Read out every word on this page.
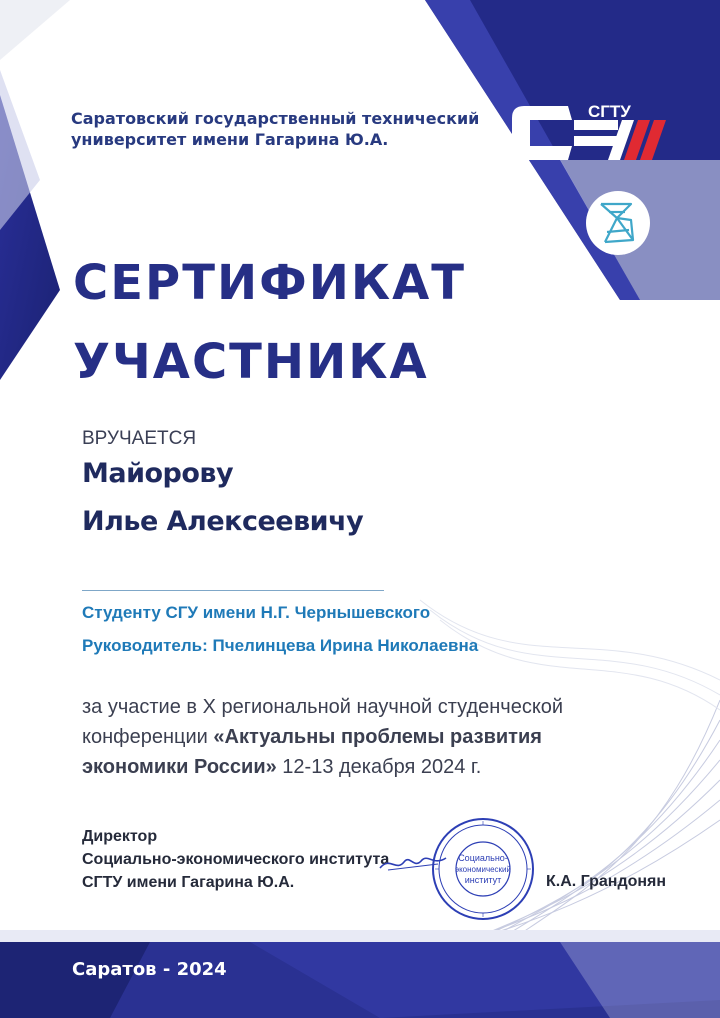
Саратовский государственный технический
университет имени Гагарина Ю.А.
СГТУ
СЕРТИФИКАТ
УЧАСТНИКА

ВРУЧАЕТСЯ

Майорову

Илье Алексеевичу

Студенту СГУ имени Н.Г. Чернышевского

Руководитель: Пчелинцева Ирина Николаевна

за участие в X региональной научной студенческой конференции «Актуальны проблемы развития экономики России» 12-13 декабря 2024 г.

Директор
Социально-экономического института
СГТУ имени Гагарина Ю.А.
Социально-
экономический
институт	К.А. Грандонян

Саратов - 2024
